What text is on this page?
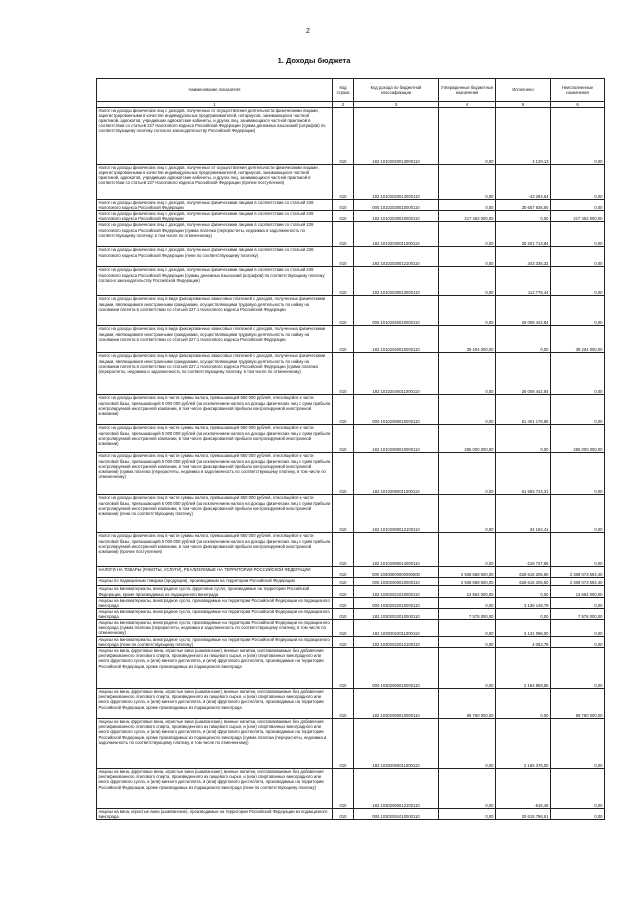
2
1. Доходы бюджета
Наименование показателя	Код строки	Код дохода по бюджетной классификации	Утвержденные бюджетные назначения	Исполнено	Неисполненные назначения
1	2	3	4	5	6
Налог на доходы физических лиц с доходов, полученных от осуществления деятельности физическими лицами, зарегистрированными в качестве индивидуальных предпринимателей, нотариусов, занимающихся частной практикой, адвокатов, учредивших адвокатские кабинеты, и других лиц, занимающихся частной практикой в соответствии со статьей 227 Налогового кодекса Российской Федерации (сумма денежных взысканий (штрафов) по соответствующему платежу согласно законодательству Российской Федерации)	010	182 10102020013000110	0,00	4 129,13	0,00
Налог на доходы физических лиц с доходов, полученных от осуществления деятельности физическими лицами, зарегистрированными в качестве индивидуальных предпринимателей, нотариусов, занимающихся частной практикой, адвокатов, учредивших адвокатские кабинеты, и других лиц, занимающихся частной практикой в соответствии со статьей 227 Налогового кодекса Российской Федерации (прочие поступления)	010	182 10102020014000110	0,00	-43 284,64	0,00
Налог на доходы физических лиц с доходов, полученных физическими лицами в соответствии со статьей 228 Налогового кодекса Российской Федерации	010	000 10102030010000110	0,00	30 657 635,60	0,00
Налог на доходы физических лиц с доходов, полученных физическими лицами в соответствии со статьей 228 Налогового кодекса Российской Федерации	010	182 10102030010000110	217 452 000,00	0,00	217 452 000,00
Налог на доходы физических лиц с доходов, полученных физическими лицами в соответствии со статьей 228 Налогового кодекса Российской Федерации (сумма платежа (перерасчеты, недоимка и задолженность по соответствующему платежу, в том числе по отмененному)	010	182 10102030011000110	0,00	30 201 713,84	0,00
Налог на доходы физических лиц с доходов, полученных физическими лицами в соответствии со статьей 228 Налогового кодекса Российской Федерации (пени по соответствующему платежу)	010	182 10102030012100110	0,00	343 335,32	0,00
Налог на доходы физических лиц с доходов, полученных физическими лицами в соответствии со статьей 228 Налогового кодекса Российской Федерации (суммы денежных взысканий (штрафов) по соответствующему платежу согласно законодательству Российской Федерации)	010	182 10102030013000110	0,00	112 776,44	0,00
Налог на доходы физических лиц в виде фиксированных авансовых платежей с доходов, полученных физическими лицами, являющимися иностранными гражданами, осуществляющими трудовую деятельность по найму на основании патента в соответствии со статьей 227.1 Налогового кодекса Российской Федерации	010	000 10102040010000110	0,00	26 008 442,84	0,00
Налог на доходы физических лиц в виде фиксированных авансовых платежей с доходов, полученных физическими лицами, являющимися иностранными гражданами, осуществляющими трудовую деятельность по найму на основании патента в соответствии со статьей 227.1 Налогового кодекса Российской Федерации	010	182 10102040010000110	39 204 000,00	0,00	39 204 000,00
Налог на доходы физических лиц в виде фиксированных авансовых платежей с доходов, полученных физическими лицами, являющимися иностранными гражданами, осуществляющими трудовую деятельность по найму на основании патента в соответствии со статьей 227.1 Налогового кодекса Российской Федерации (сумма платежа (перерасчеты, недоимка и задолженность по соответствующему платежу, в том числе по отмененному)	010	182 10102040011000110	0,00	26 008 442,84	0,00
Налог на доходы физических лиц в части суммы налога, превышающей 650 000 рублей, относящейся к части налоговой базы, превышающей 5 000 000 рублей (за исключением налога на доходы физических лиц с сумм прибыли контролируемой иностранной компании, в том числе фиксированной прибыли контролируемой иностранной компании)	010	000 10102080010000110	0,00	61 401 176,86	0,00
Налог на доходы физических лиц в части суммы налога, превышающей 650 000 рублей, относящейся к части налоговой базы, превышающей 5 000 000 рублей (за исключением налога на доходы физических лиц с сумм прибыли контролируемой иностранной компании, в том числе фиксированной прибыли контролируемой иностранной компании)	010	182 10102080010000110	255 000 000,00	0,00	255 000 000,00
Налог на доходы физических лиц в части суммы налога, превышающей 650 000 рублей, относящейся к части налоговой базы, превышающей 5 000 000 рублей (за исключением налога на доходы физических лиц с сумм прибыли контролируемой иностранной компании, в том числе фиксированной прибыли контролируемой иностранной компании) (сумма платежа (перерасчеты, недоимка и задолженность по соответствующему платежу, в том числе по отмененному)	010	182 10102080011000110	0,00	61 583 724,31	0,00
Налог на доходы физических лиц в части суммы налога, превышающей 650 000 рублей, относящейся к части налоговой базы, превышающей 5 000 000 рублей (за исключением налога на доходы физических лиц с сумм прибыли контролируемой иностранной компании, в том числе фиксированной прибыли контролируемой иностранной компании) (пени по соответствующему платежу)	010	182 10102080012100110	0,00	34 184,41	0,00
Налог на доходы физических лиц в части суммы налога, превышающей 650 000 рублей, относящейся к части налоговой базы, превышающей 5 000 000 рублей (за исключением налога на доходы физических лиц с сумм прибыли контролируемой иностранной компании, в том числе фиксированной прибыли контролируемой иностранной компании) (прочие поступления)	010	182 10102080014000110	0,00	-216 737,86	0,00
НАЛОГИ НА ТОВАРЫ (РАБОТЫ, УСЛУГИ), РЕАЛИЗУЕМЫЕ НА ТЕРРИТОРИИ РОССИЙСКОЙ ФЕДЕРАЦИИ	010	000 10300000000000000	2 936 688 600,00	628 615 205,60	2 308 073 594,40
Акцизы по подакцизным товарам (продукции), производимым на территории Российской Федерации	010	000 10302000010000110	2 936 688 600,00	628 615 205,60	2 308 073 594,40
Акцизы на виноматериалы, виноградное сусло, фруктовое сусло, производимые на территории Российской Федерации, кроме производимых из подакцизного винограда	010	182 10302021010000110	13 664 000,00	0,00	13 664 000,00
Акцизы на виноматериалы, виноградное сусло, производимые на территории Российской Федерации из подакцизного винограда	010	000 10302022010000110	0,00	3 136 148,79	0,00
Акцизы на виноматериалы, виноградное сусло, производимые на территории Российской Федерации из подакцизного винограда	010	182 10302022010000110	7 578 000,00	0,00	7 578 000,00
Акцизы на виноматериалы, виноградное сусло, производимые на территории Российской Федерации из подакцизного винограда (сумма платежа (перерасчеты, недоимка и задолженность по соответствующему платежу, в том числе по отмененному)	010	182 10302022011000110	0,00	3 131 096,00	0,00
Акцизы на виноматериалы, виноградное сусло, производимые на территории Российской Федерации из подакцизного винограда (пени по соответствующему платежу)	010	182 10302022012100110	0,00	4 052,76	0,00
Акцизы на вина, фруктовые вина, игристые вина (шампанские), винные напитки, изготавливаемые без добавления ректификованного этилового спирта, произведенного из пищевого сырья, и (или) спиртованных виноградного или иного фруктового сусла, и (или) винного дистиллята, и (или) фруктового дистиллята, производимые на территории Российской Федерации, кроме производимых из подакцизного винограда	010	000 10302060010000110	0,00	2 164 859,55	0,00
Акцизы на вина, фруктовые вина, игристые вина (шампанские), винные напитки, изготавливаемые без добавления ректификованного этилового спирта, произведенного из пищевого сырья, и (или) спиртованных виноградного или иного фруктового сусла, и (или) винного дистиллята, и (или) фруктового дистиллята, производимые на территории Российской Федерации, кроме производимых из подакцизного винограда	010	182 10302060010000110	59 760 000,00	0,00	59 760 000,00
Акцизы на вина, фруктовые вина, игристые вина (шампанские), винные напитки, изготавливаемые без добавления ректификованного этилового спирта, произведенного из пищевого сырья, и (или) спиртованных виноградного или иного фруктового сусла, и (или) винного дистиллята, и (или) фруктового дистиллята, производимые на территории Российской Федерации, кроме производимых из подакцизного винограда (сумма платежа (перерасчеты, недоимка и задолженность по соответствующему платежу, в том числе по отмененному)	010	182 10302060011000110	0,00	2 165 376,00	0,00
Акцизы на вина, фруктовые вина, игристые вина (шампанские), винные напитки, изготавливаемые без добавления ректификованного этилового спирта, произведенного из пищевого сырья, и (или) спиртованных виноградного или иного фруктового сусла, и (или) винного дистиллята, и (или) фруктового дистиллята, производимые на территории Российской Федерации, кроме производимых из подакцизного винограда (пени по соответствующему платежу)	010	182 10302060012100110	0,00	-516,45	0,00
Акцизы на вина, игристые вина (шампанские), производимые на территории Российской Федерации из подакцизного винограда	010	000 10302091010000110	0,00	20 615 796,61	0,00
